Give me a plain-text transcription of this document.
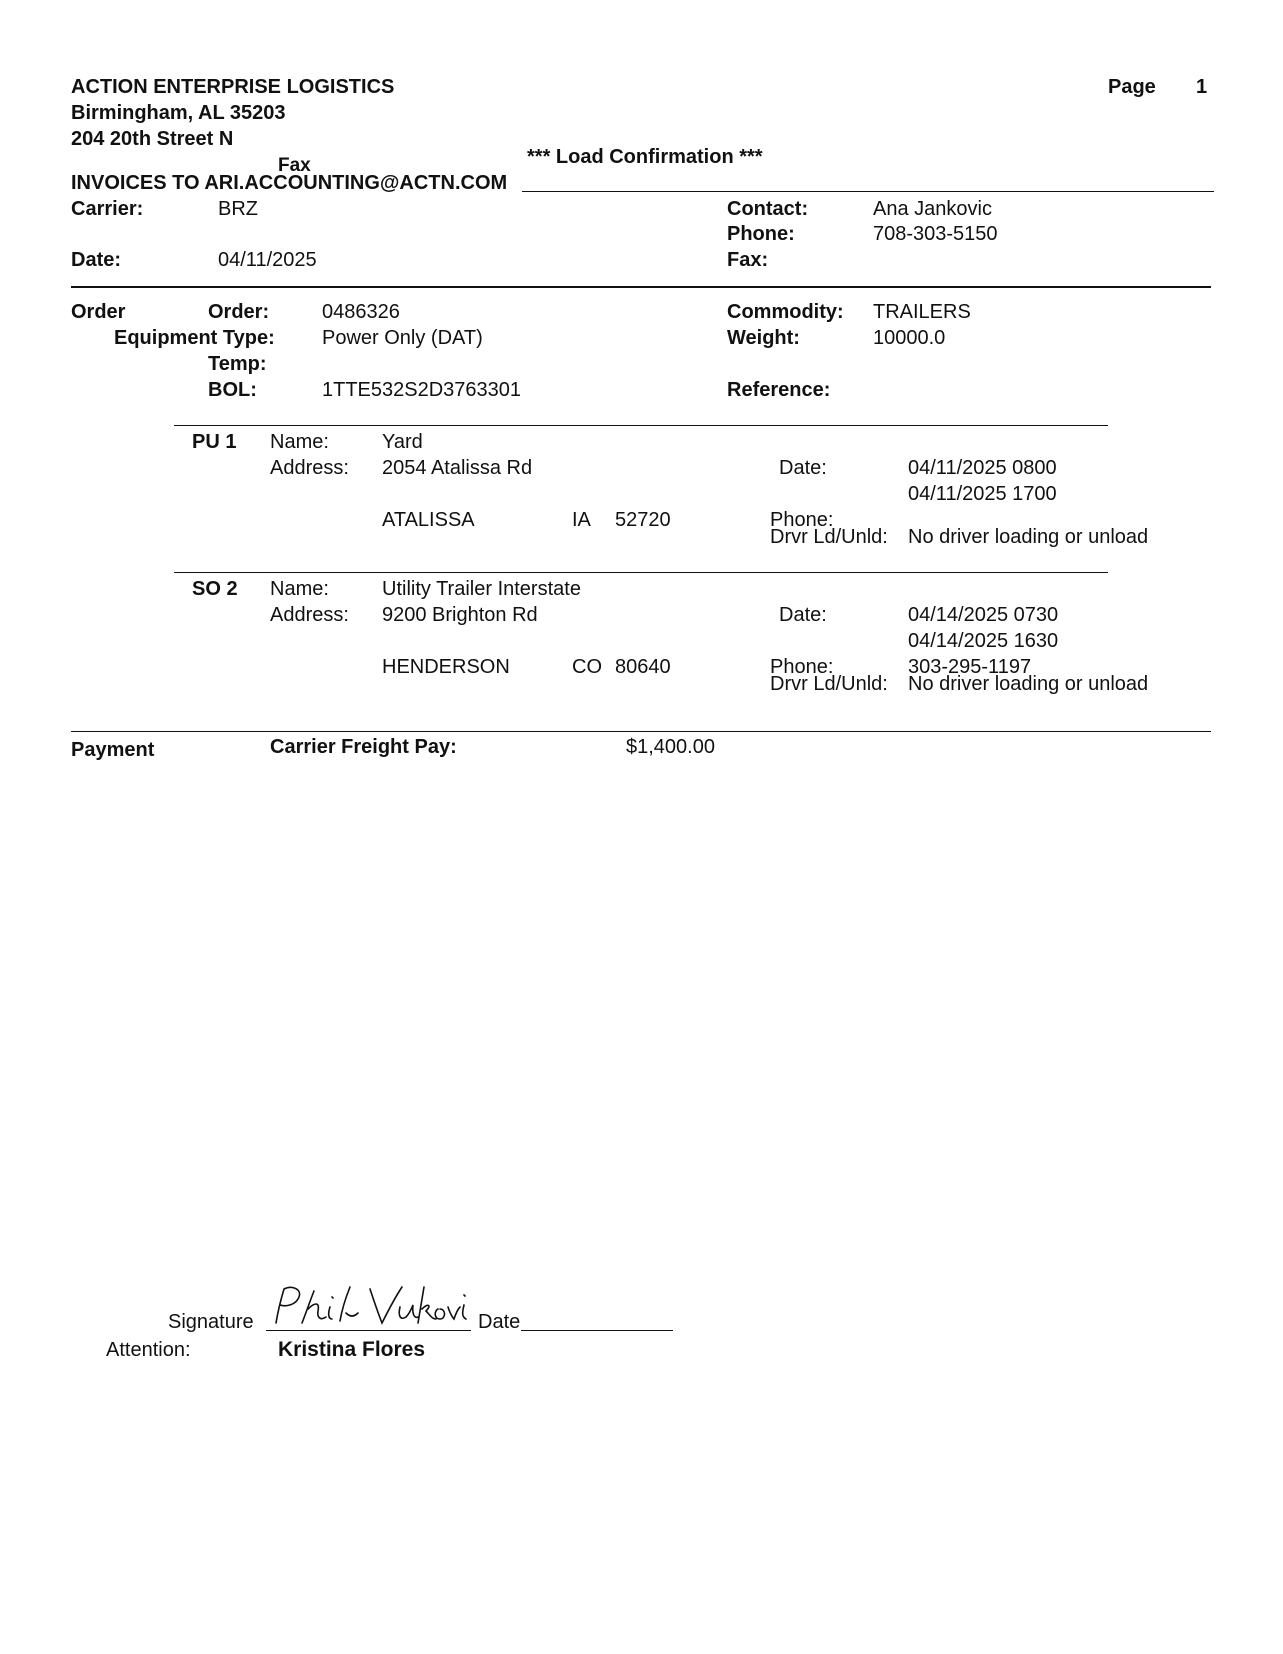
ACTION ENTERPRISE LOGISTICS
Birmingham, AL 35203
204 20th Street N
Fax	*** Load Confirmation ***
Page 1
INVOICES TO ARI.ACCOUNTING@ACTN.COM
Carrier:	BRZ
Date:	04/11/2025
Contact:	Ana Jankovic
Phone:	708-303-5150
Fax:
Order	Order:	0486326
Equipment Type: Power Only (DAT)
Temp:
BOL:	1TTE532S2D3763301
Commodity: TRAILERS
Weight:	10000.0
Reference:
PU 1 Name:	Yard
Address: 2054 Atalissa Rd
ATALISSA	IA 52720
Date:	04/11/2025 0800
04/11/2025 1700
Phone:
Drvr Ld/Unld: No driver loading or unload
SO 2 Name:	Utility Trailer Interstate
Address: 9200 Brighton Rd
HENDERSON	CO 80640
Date:	04/14/2025 0730
04/14/2025 1630
Phone:	303-295-1197
Drvr Ld/Unld: No driver loading or unload
Payment	Carrier Freight Pay:	$1,400.00
Signature	Date
Attention:	Kristina Flores
